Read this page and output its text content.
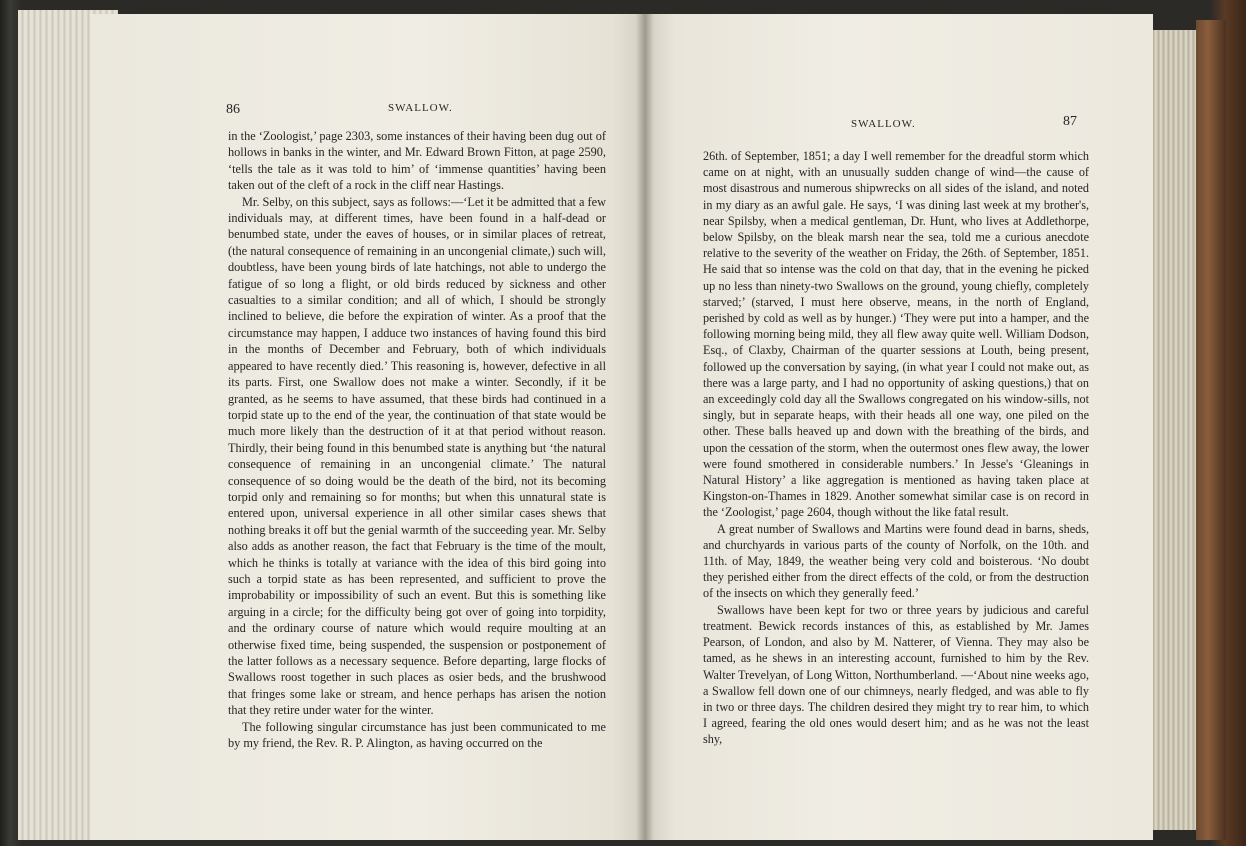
86	SWALLOW.

in the ‘Zoologist,’ page 2303, some instances of their having been dug out of hollows in banks in the winter, and Mr. Edward Brown Fitton, at page 2590, ‘tells the tale as it was told to him’ of ‘immense quantities’ having been taken out of the cleft of a rock in the cliff near Hastings.

Mr. Selby, on this subject, says as follows:—‘Let it be admitted that a few individuals may, at different times, have been found in a half-dead or benumbed state, under the eaves of houses, or in similar places of retreat, (the natural consequence of remaining in an uncongenial climate,) such will, doubtless, have been young birds of late hatchings, not able to undergo the fatigue of so long a flight, or old birds reduced by sickness and other casualties to a similar condition; and all of which, I should be strongly inclined to believe, die before the expiration of winter. As a proof that the circumstance may happen, I adduce two instances of having found this bird in the months of December and February, both of which individuals appeared to have recently died.’ This reasoning is, however, defective in all its parts. First, one Swallow does not make a winter. Secondly, if it be granted, as he seems to have assumed, that these birds had continued in a torpid state up to the end of the year, the continuation of that state would be much more likely than the destruction of it at that period without reason. Thirdly, their being found in this benumbed state is anything but ‘the natural consequence of remaining in an uncongenial climate.’ The natural consequence of so doing would be the death of the bird, not its becoming torpid only and remaining so for months; but when this unnatural state is entered upon, universal experience in all other similar cases shews that nothing breaks it off but the genial warmth of the succeeding year. Mr. Selby also adds as another reason, the fact that February is the time of the moult, which he thinks is totally at variance with the idea of this bird going into such a torpid state as has been represented, and sufficient to prove the improbability or impossibility of such an event. But this is something like arguing in a circle; for the difficulty being got over of going into torpidity, and the ordinary course of nature which would require moulting at an otherwise fixed time, being suspended, the suspension or postponement of the latter follows as a necessary sequence. Before departing, large flocks of Swallows roost together in such places as osier beds, and the brushwood that fringes some lake or stream, and hence perhaps has arisen the notion that they retire under water for the winter.

The following singular circumstance has just been communicated to me by my friend, the Rev. R. P. Alington, as having occurred on the

SWALLOW.	87

26th. of September, 1851; a day I well remember for the dreadful storm which came on at night, with an unusually sudden change of wind—the cause of most disastrous and numerous shipwrecks on all sides of the island, and noted in my diary as an awful gale. He says, ‘I was dining last week at my brother's, near Spilsby, when a medical gentleman, Dr. Hunt, who lives at Addlethorpe, below Spilsby, on the bleak marsh near the sea, told me a curious anecdote relative to the severity of the weather on Friday, the 26th. of September, 1851. He said that so intense was the cold on that day, that in the evening he picked up no less than ninety-two Swallows on the ground, young chiefly, completely starved;’ (starved, I must here observe, means, in the north of England, perished by cold as well as by hunger.) ‘They were put into a hamper, and the following morning being mild, they all flew away quite well. William Dodson, Esq., of Claxby, Chairman of the quarter sessions at Louth, being present, followed up the conversation by saying, (in what year I could not make out, as there was a large party, and I had no opportunity of asking questions,) that on an exceedingly cold day all the Swallows congregated on his window-sills, not singly, but in separate heaps, with their heads all one way, one piled on the other. These balls heaved up and down with the breathing of the birds, and upon the cessation of the storm, when the outermost ones flew away, the lower were found smothered in considerable numbers.’ In Jesse's ‘Gleanings in Natural History’ a like aggregation is mentioned as having taken place at Kingston-on-Thames in 1829. Another somewhat similar case is on record in the ‘Zoologist,’ page 2604, though without the like fatal result.

A great number of Swallows and Martins were found dead in barns, sheds, and churchyards in various parts of the county of Norfolk, on the 10th. and 11th. of May, 1849, the weather being very cold and boisterous. ‘No doubt they perished either from the direct effects of the cold, or from the destruction of the insects on which they generally feed.’

Swallows have been kept for two or three years by judicious and careful treatment. Bewick records instances of this, as established by Mr. James Pearson, of London, and also by M. Natterer, of Vienna. They may also be tamed, as he shews in an interesting account, furnished to him by the Rev. Walter Trevelyan, of Long Witton, Northumberland. —‘About nine weeks ago, a Swallow fell down one of our chimneys, nearly fledged, and was able to fly in two or three days. The children desired they might try to rear him, to which I agreed, fearing the old ones would desert him; and as he was not the least shy,
